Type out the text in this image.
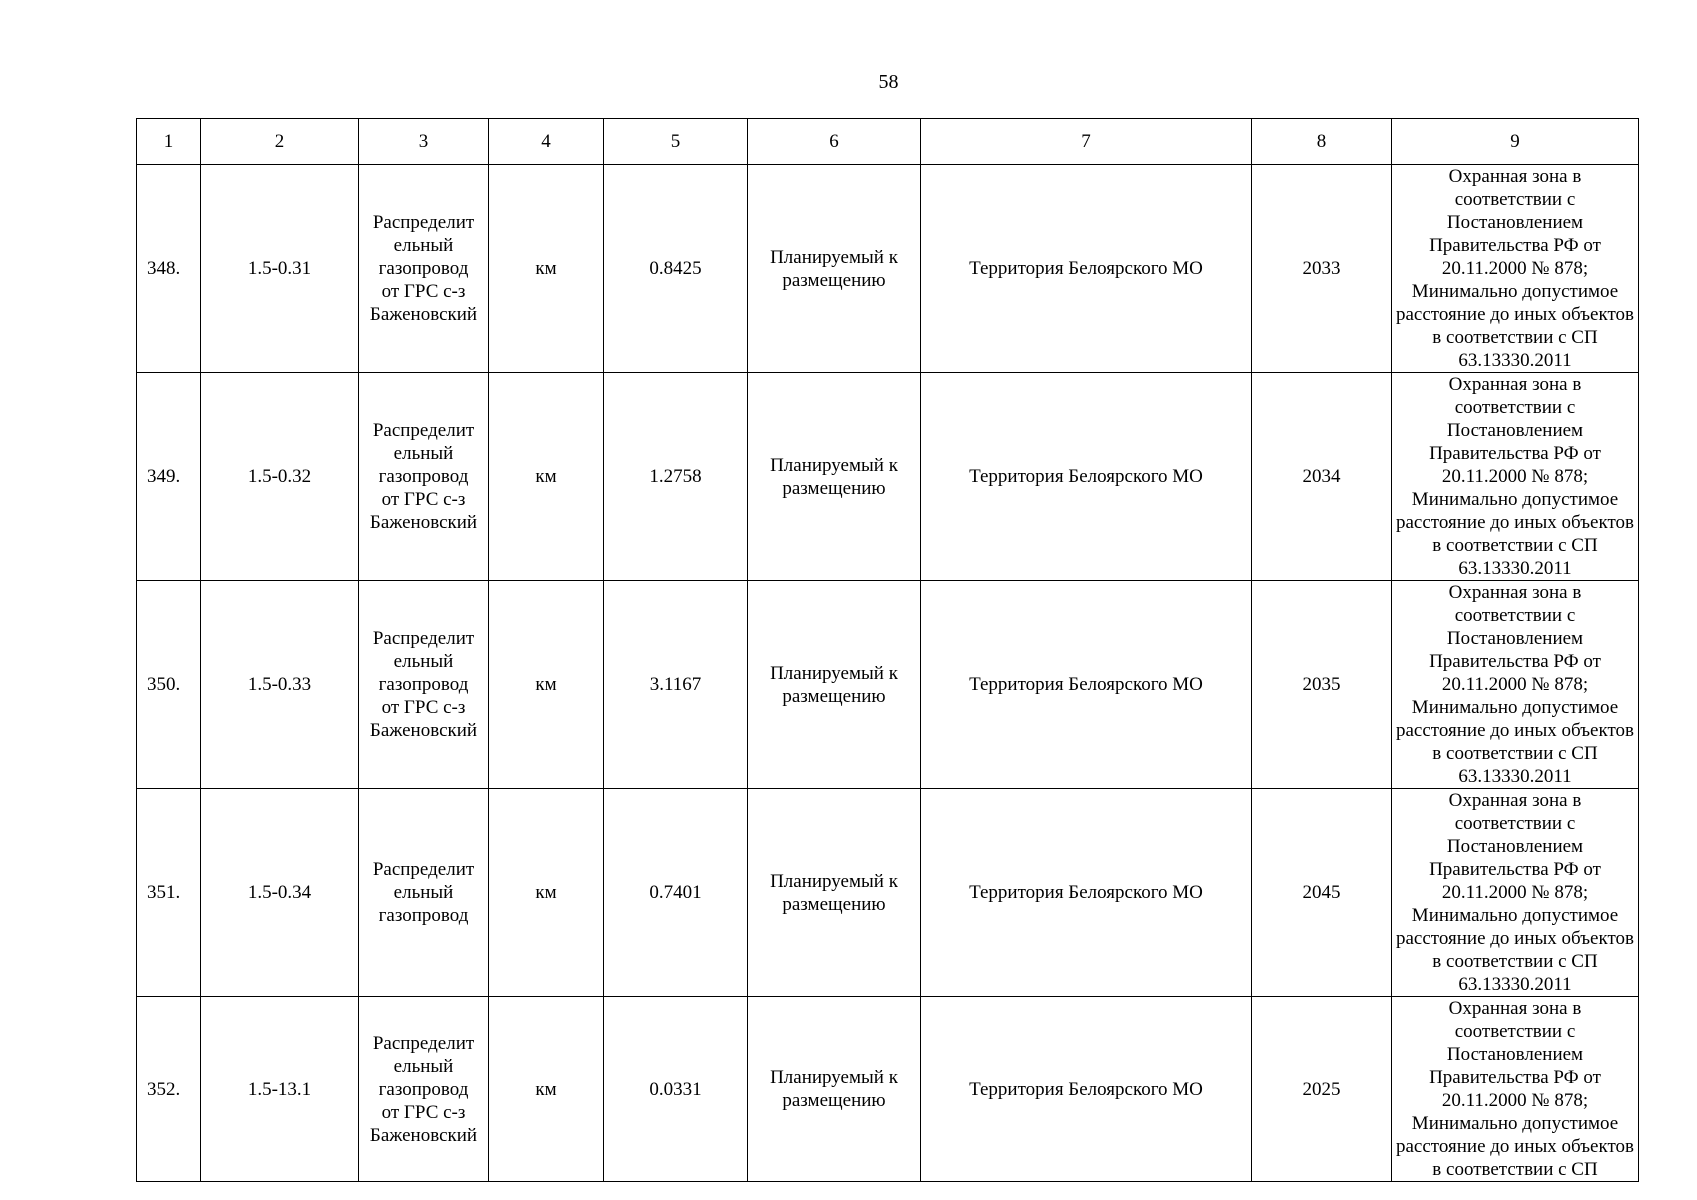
58
1	2	3	4	5	6	7	8	9
348.	1.5-0.31	Распределит
ельный
газопровод
от ГРС с-з
Баженовский	км	0.8425	Планируемый к размещению	Территория Белоярского МО	2033	Охранная зона в соответствии с Постановлением Правительства РФ от 20.11.2000 № 878; Минимально допустимое расстояние до иных объектов в соответствии с СП 63.13330.2011
349.	1.5-0.32	Распределит
ельный
газопровод
от ГРС с-з
Баженовский	км	1.2758	Планируемый к размещению	Территория Белоярского МО	2034	Охранная зона в соответствии с Постановлением Правительства РФ от 20.11.2000 № 878; Минимально допустимое расстояние до иных объектов в соответствии с СП 63.13330.2011
350.	1.5-0.33	Распределит
ельный
газопровод
от ГРС с-з
Баженовский	км	3.1167	Планируемый к размещению	Территория Белоярского МО	2035	Охранная зона в соответствии с Постановлением Правительства РФ от 20.11.2000 № 878; Минимально допустимое расстояние до иных объектов в соответствии с СП 63.13330.2011
351.	1.5-0.34	Распределит
ельный
газопровод	км	0.7401	Планируемый к размещению	Территория Белоярского МО	2045	Охранная зона в соответствии с Постановлением Правительства РФ от 20.11.2000 № 878; Минимально допустимое расстояние до иных объектов в соответствии с СП 63.13330.2011
352.	1.5-13.1	Распределит
ельный
газопровод
от ГРС с-з
Баженовский	км	0.0331	Планируемый к размещению	Территория Белоярского МО	2025	Охранная зона в соответствии с Постановлением Правительства РФ от 20.11.2000 № 878; Минимально допустимое расстояние до иных объектов в соответствии с СП
